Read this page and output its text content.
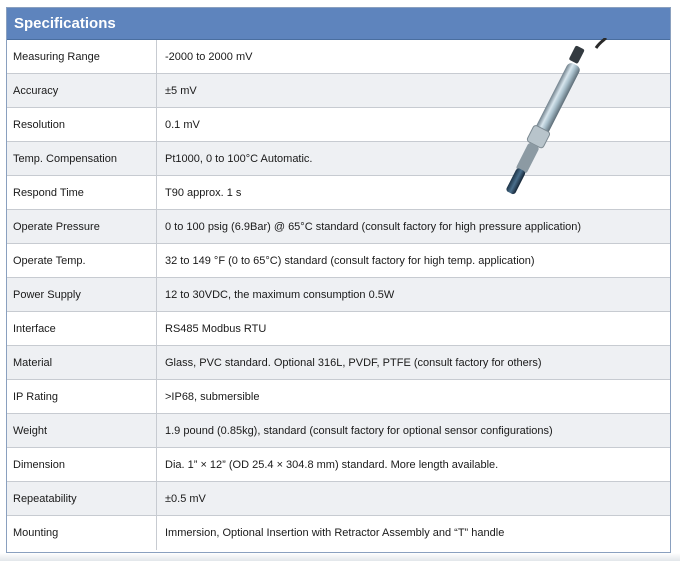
Specifications
Measuring Range	-2000 to 2000 mV
Accuracy	±5 mV
Resolution	0.1 mV
Temp. Compensation	Pt1000, 0 to 100°C Automatic.
Respond Time	T90 approx. 1 s
Operate Pressure	0 to 100 psig (6.9Bar) @ 65°C standard (consult factory for high pressure application)
Operate Temp.	32 to 149 °F (0 to 65°C) standard (consult factory for high temp. application)
Power Supply	12 to 30VDC, the maximum consumption 0.5W
Interface	RS485 Modbus RTU
Material	Glass, PVC standard. Optional 316L, PVDF, PTFE (consult factory for others)
IP Rating	>IP68, submersible
Weight	1.9 pound (0.85kg), standard (consult factory for optional sensor configurations)
Dimension	Dia. 1” × 12” (OD 25.4 × 304.8 mm) standard. More length available.
Repeatability	±0.5 mV
Mounting	Immersion, Optional Insertion with Retractor Assembly and “T” handle
